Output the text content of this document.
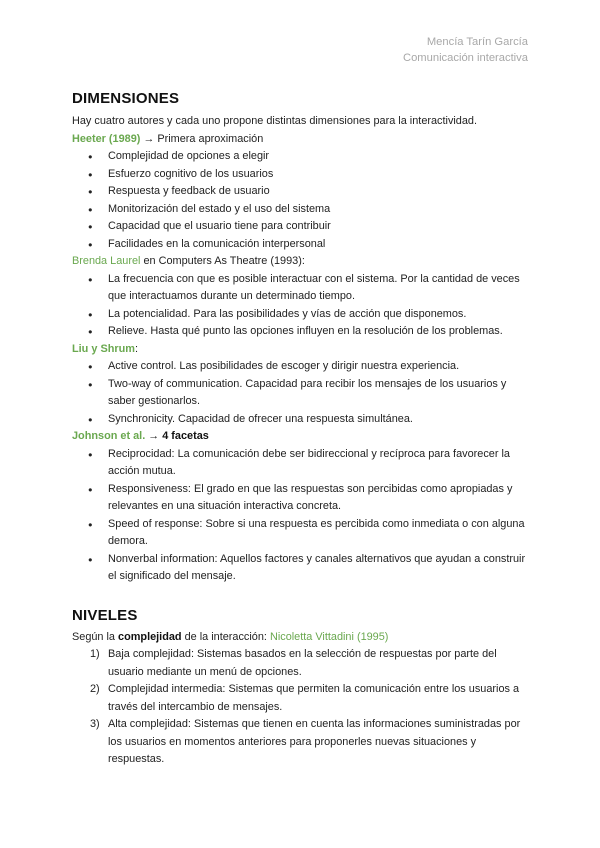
Mencía Tarín García
Comunicación interactiva
DIMENSIONES

Hay cuatro autores y cada uno propone distintas dimensiones para la interactividad.

Heeter (1989) → Primera aproximación

● Complejidad de opciones a elegir
● Esfuerzo cognitivo de los usuarios
● Respuesta y feedback de usuario
● Monitorización del estado y el uso del sistema
● Capacidad que el usuario tiene para contribuir
● Facilidades en la comunicación interpersonal

Brenda Laurel en Computers As Theatre (1993):

● La frecuencia con que es posible interactuar con el sistema. Por la cantidad de veces que interactuamos durante un determinado tiempo.
● La potencialidad. Para las posibilidades y vías de acción que disponemos.
● Relieve. Hasta qué punto las opciones influyen en la resolución de los problemas.

Liu y Shrum:

● Active control. Las posibilidades de escoger y dirigir nuestra experiencia.
● Two-way of communication. Capacidad para recibir los mensajes de los usuarios y saber gestionarlos.
● Synchronicity. Capacidad de ofrecer una respuesta simultánea.

Johnson et al. → 4 facetas

● Reciprocidad: La comunicación debe ser bidireccional y recíproca para favorecer la acción mutua.
● Responsiveness: El grado en que las respuestas son percibidas como apropiadas y relevantes en una situación interactiva concreta.
● Speed of response: Sobre si una respuesta es percibida como inmediata o con alguna demora.
● Nonverbal information: Aquellos factores y canales alternativos que ayudan a construir el significado del mensaje.
NIVELES

Según la complejidad de la interacción: Nicoletta Vittadini (1995)

1) Baja complejidad: Sistemas basados en la selección de respuestas por parte del usuario mediante un menú de opciones.
2) Complejidad intermedia: Sistemas que permiten la comunicación entre los usuarios a través del intercambio de mensajes.
3) Alta complejidad: Sistemas que tienen en cuenta las informaciones suministradas por los usuarios en momentos anteriores para proponerles nuevas situaciones y respuestas.
